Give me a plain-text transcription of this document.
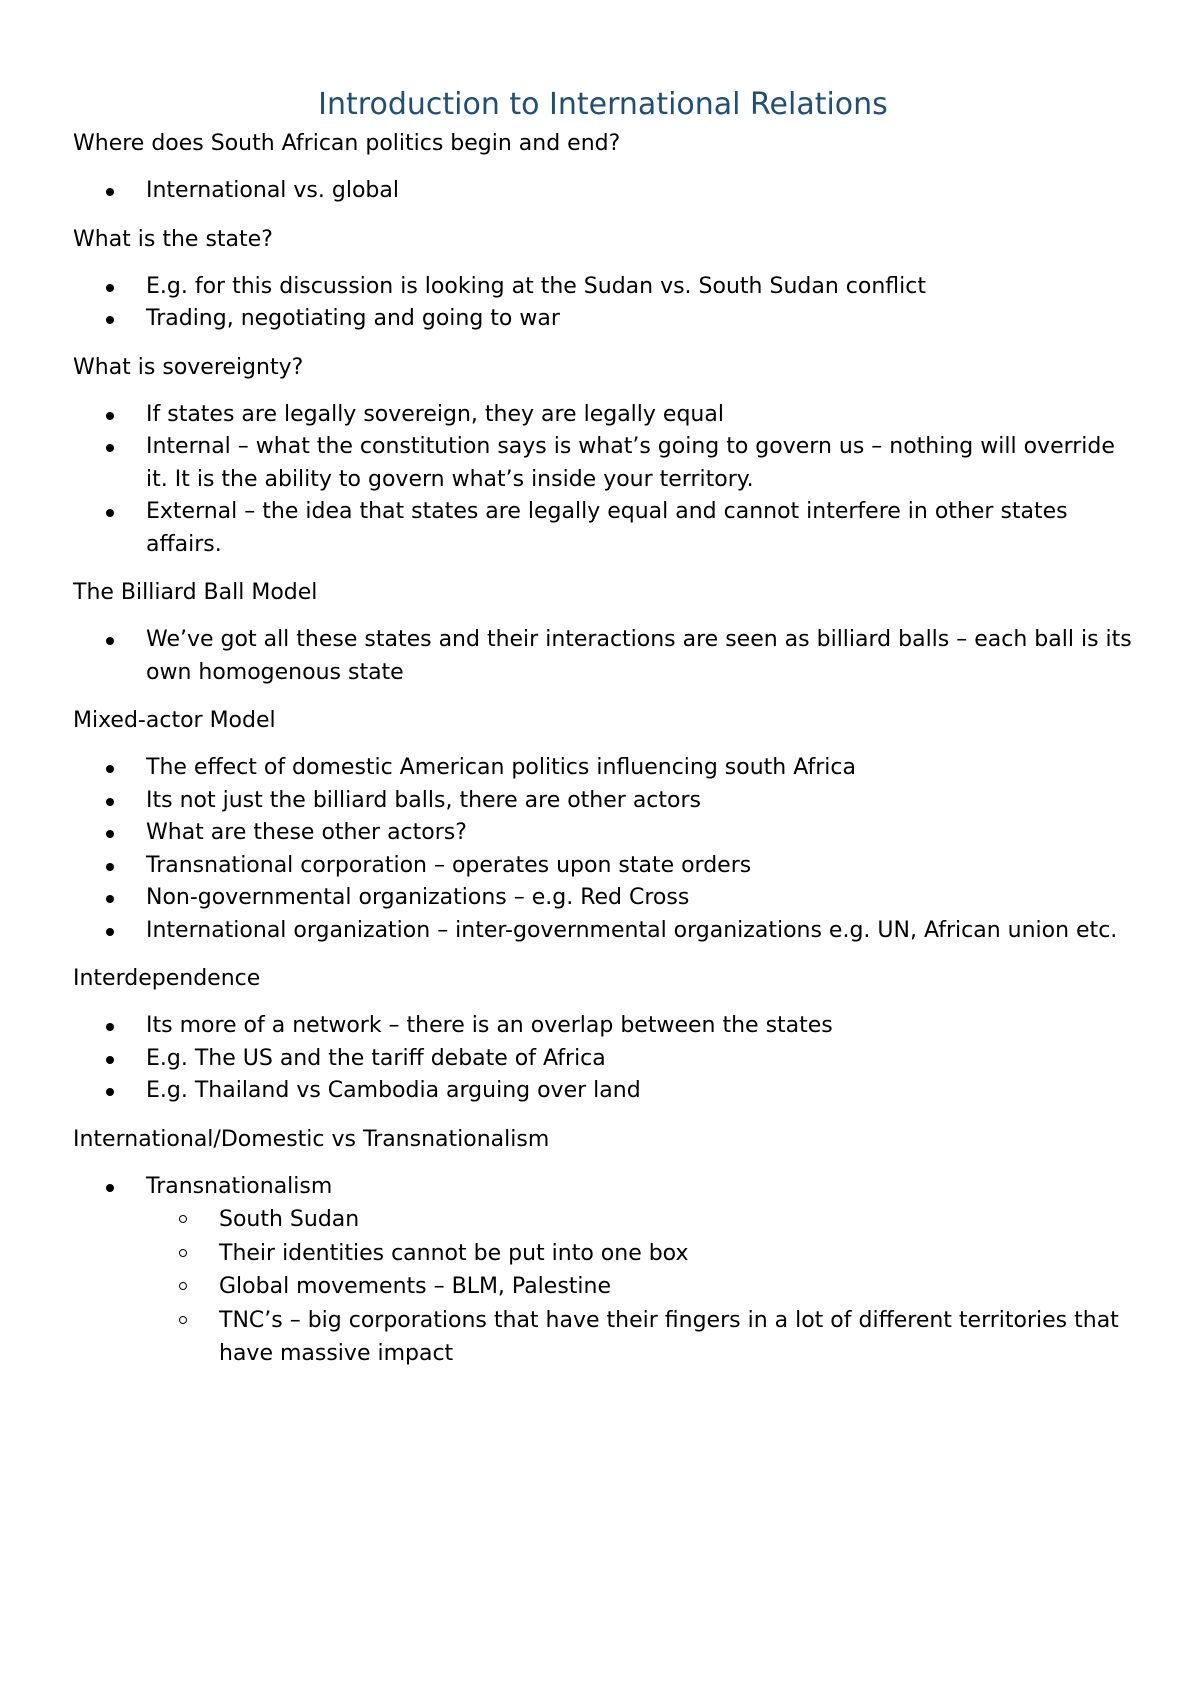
Introduction to International Relations
Where does South African politics begin and end?
International vs. global
What is the state?
E.g. for this discussion is looking at the Sudan vs. South Sudan conflict
Trading, negotiating and going to war
What is sovereignty?
If states are legally sovereign, they are legally equal
Internal – what the constitution says is what’s going to govern us – nothing will override it. It is the ability to govern what’s inside your territory.
External – the idea that states are legally equal and cannot interfere in other states affairs.
The Billiard Ball Model
We’ve got all these states and their interactions are seen as billiard balls – each ball is its own homogenous state
Mixed-actor Model
The effect of domestic American politics influencing south Africa
Its not just the billiard balls, there are other actors
What are these other actors?
Transnational corporation – operates upon state orders
Non-governmental organizations – e.g. Red Cross
International organization – inter-governmental organizations e.g. UN, African union etc.
Interdependence
Its more of a network – there is an overlap between the states
E.g. The US and the tariff debate of Africa
E.g. Thailand vs Cambodia arguing over land
International/Domestic vs Transnationalism
Transnationalism
South Sudan
Their identities cannot be put into one box
Global movements – BLM, Palestine
TNC’s – big corporations that have their fingers in a lot of different territories that have massive impact
